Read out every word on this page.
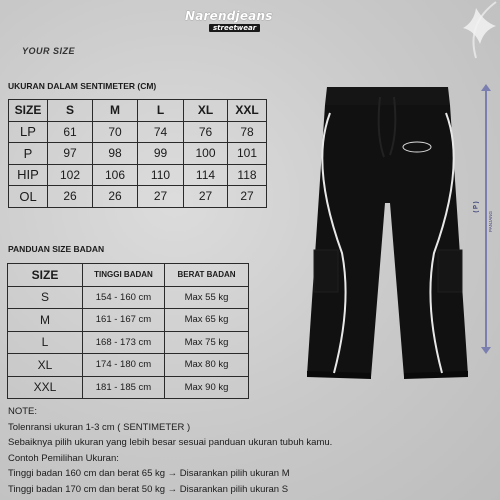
Narendjeans
streetwear
YOUR SIZE
UKURAN DALAM SENTIMETER (CM)
SIZE	S	M	L	XL	XXL
LP	61	70	74	76	78
P	97	98	99	100	101
HIP	102	106	110	114	118
OL	26	26	27	27	27
PANDUAN SIZE BADAN
SIZE	TINGGI BADAN	BERAT BADAN
S	154 - 160 cm	Max 55 kg
M	161 - 167 cm	Max 65 kg
L	168 - 173 cm	Max 75 kg
XL	174 - 180 cm	Max 80 kg
XXL	181 - 185 cm	Max 90 kg
( P )
PANJANG
NOTE:
Tolenransi ukuran 1-3 cm ( SENTIMETER )
Sebaiknya pilih ukuran yang lebih besar sesuai panduan ukuran tubuh kamu.
Contoh Pemilihan Ukuran:
Tinggi badan 160 cm dan berat 65 kg → Disarankan pilih ukuran M
Tinggi badan 170 cm dan berat 50 kg → Disarankan pilih ukuran S
